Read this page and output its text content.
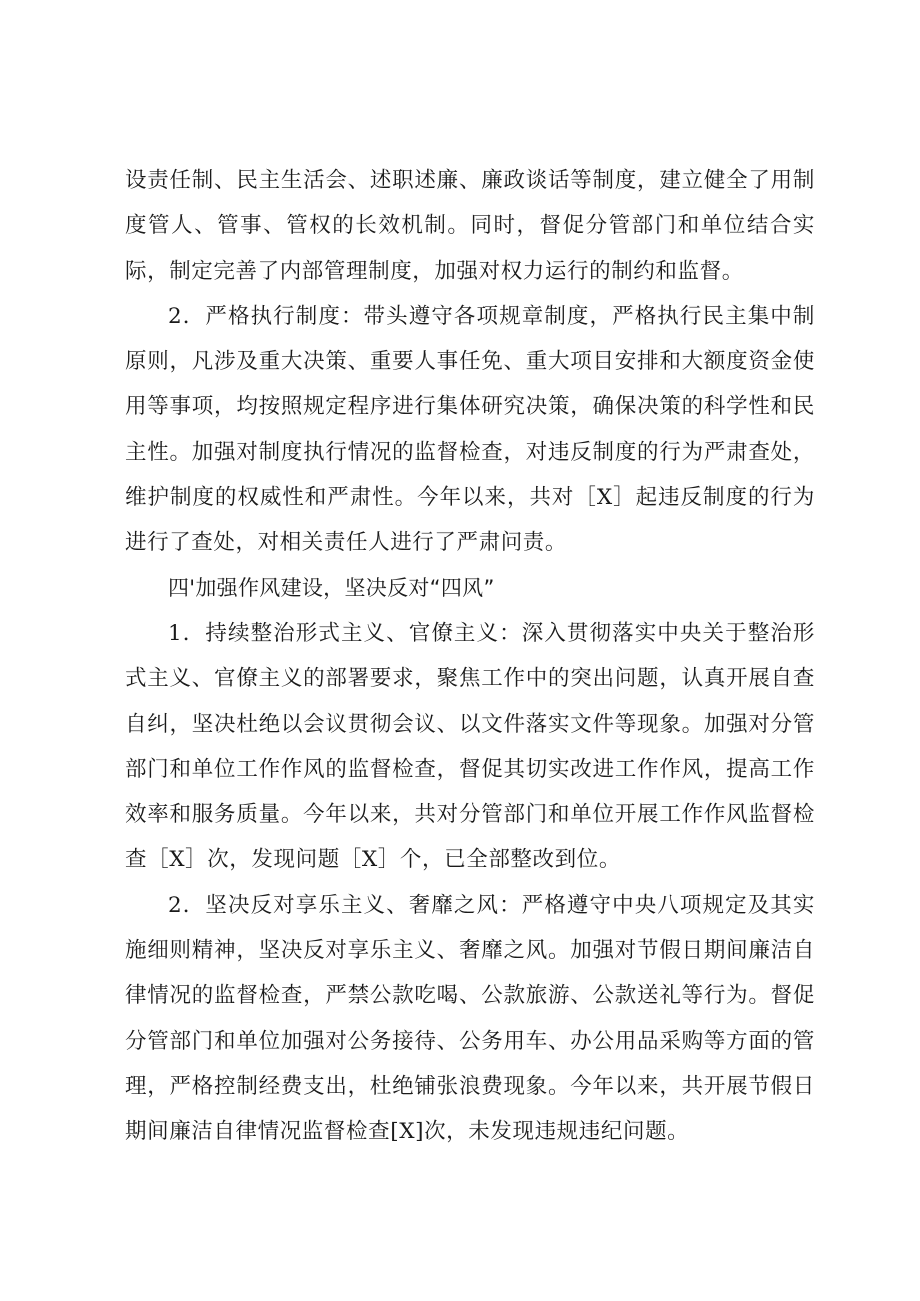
设责任制、民主生活会、述职述廉、廉政谈话等制度，建立健全了用制度管人、管事、管权的长效机制。同时，督促分管部门和单位结合实际，制定完善了内部管理制度，加强对权力运行的制约和监督。

2．严格执行制度：带头遵守各项规章制度，严格执行民主集中制原则，凡涉及重大决策、重要人事任免、重大项目安排和大额度资金使用等事项，均按照规定程序进行集体研究决策，确保决策的科学性和民主性。加强对制度执行情况的监督检查，对违反制度的行为严肃查处，维护制度的权威性和严肃性。今年以来，共对［X］起违反制度的行为进行了查处，对相关责任人进行了严肃问责。

四'加强作风建设，坚决反对“四风”

1．持续整治形式主义、官僚主义：深入贯彻落实中央关于整治形式主义、官僚主义的部署要求，聚焦工作中的突出问题，认真开展自查自纠，坚决杜绝以会议贯彻会议、以文件落实文件等现象。加强对分管部门和单位工作作风的监督检查，督促其切实改进工作作风，提高工作效率和服务质量。今年以来，共对分管部门和单位开展工作作风监督检查［X］次，发现问题［X］个，已全部整改到位。

2．坚决反对享乐主义、奢靡之风：严格遵守中央八项规定及其实施细则精神，坚决反对享乐主义、奢靡之风。加强对节假日期间廉洁自律情况的监督检查，严禁公款吃喝、公款旅游、公款送礼等行为。督促分管部门和单位加强对公务接待、公务用车、办公用品采购等方面的管理，严格控制经费支出，杜绝铺张浪费现象。今年以来，共开展节假日期间廉洁自律情况监督检查[X]次，未发现违规违纪问题。
